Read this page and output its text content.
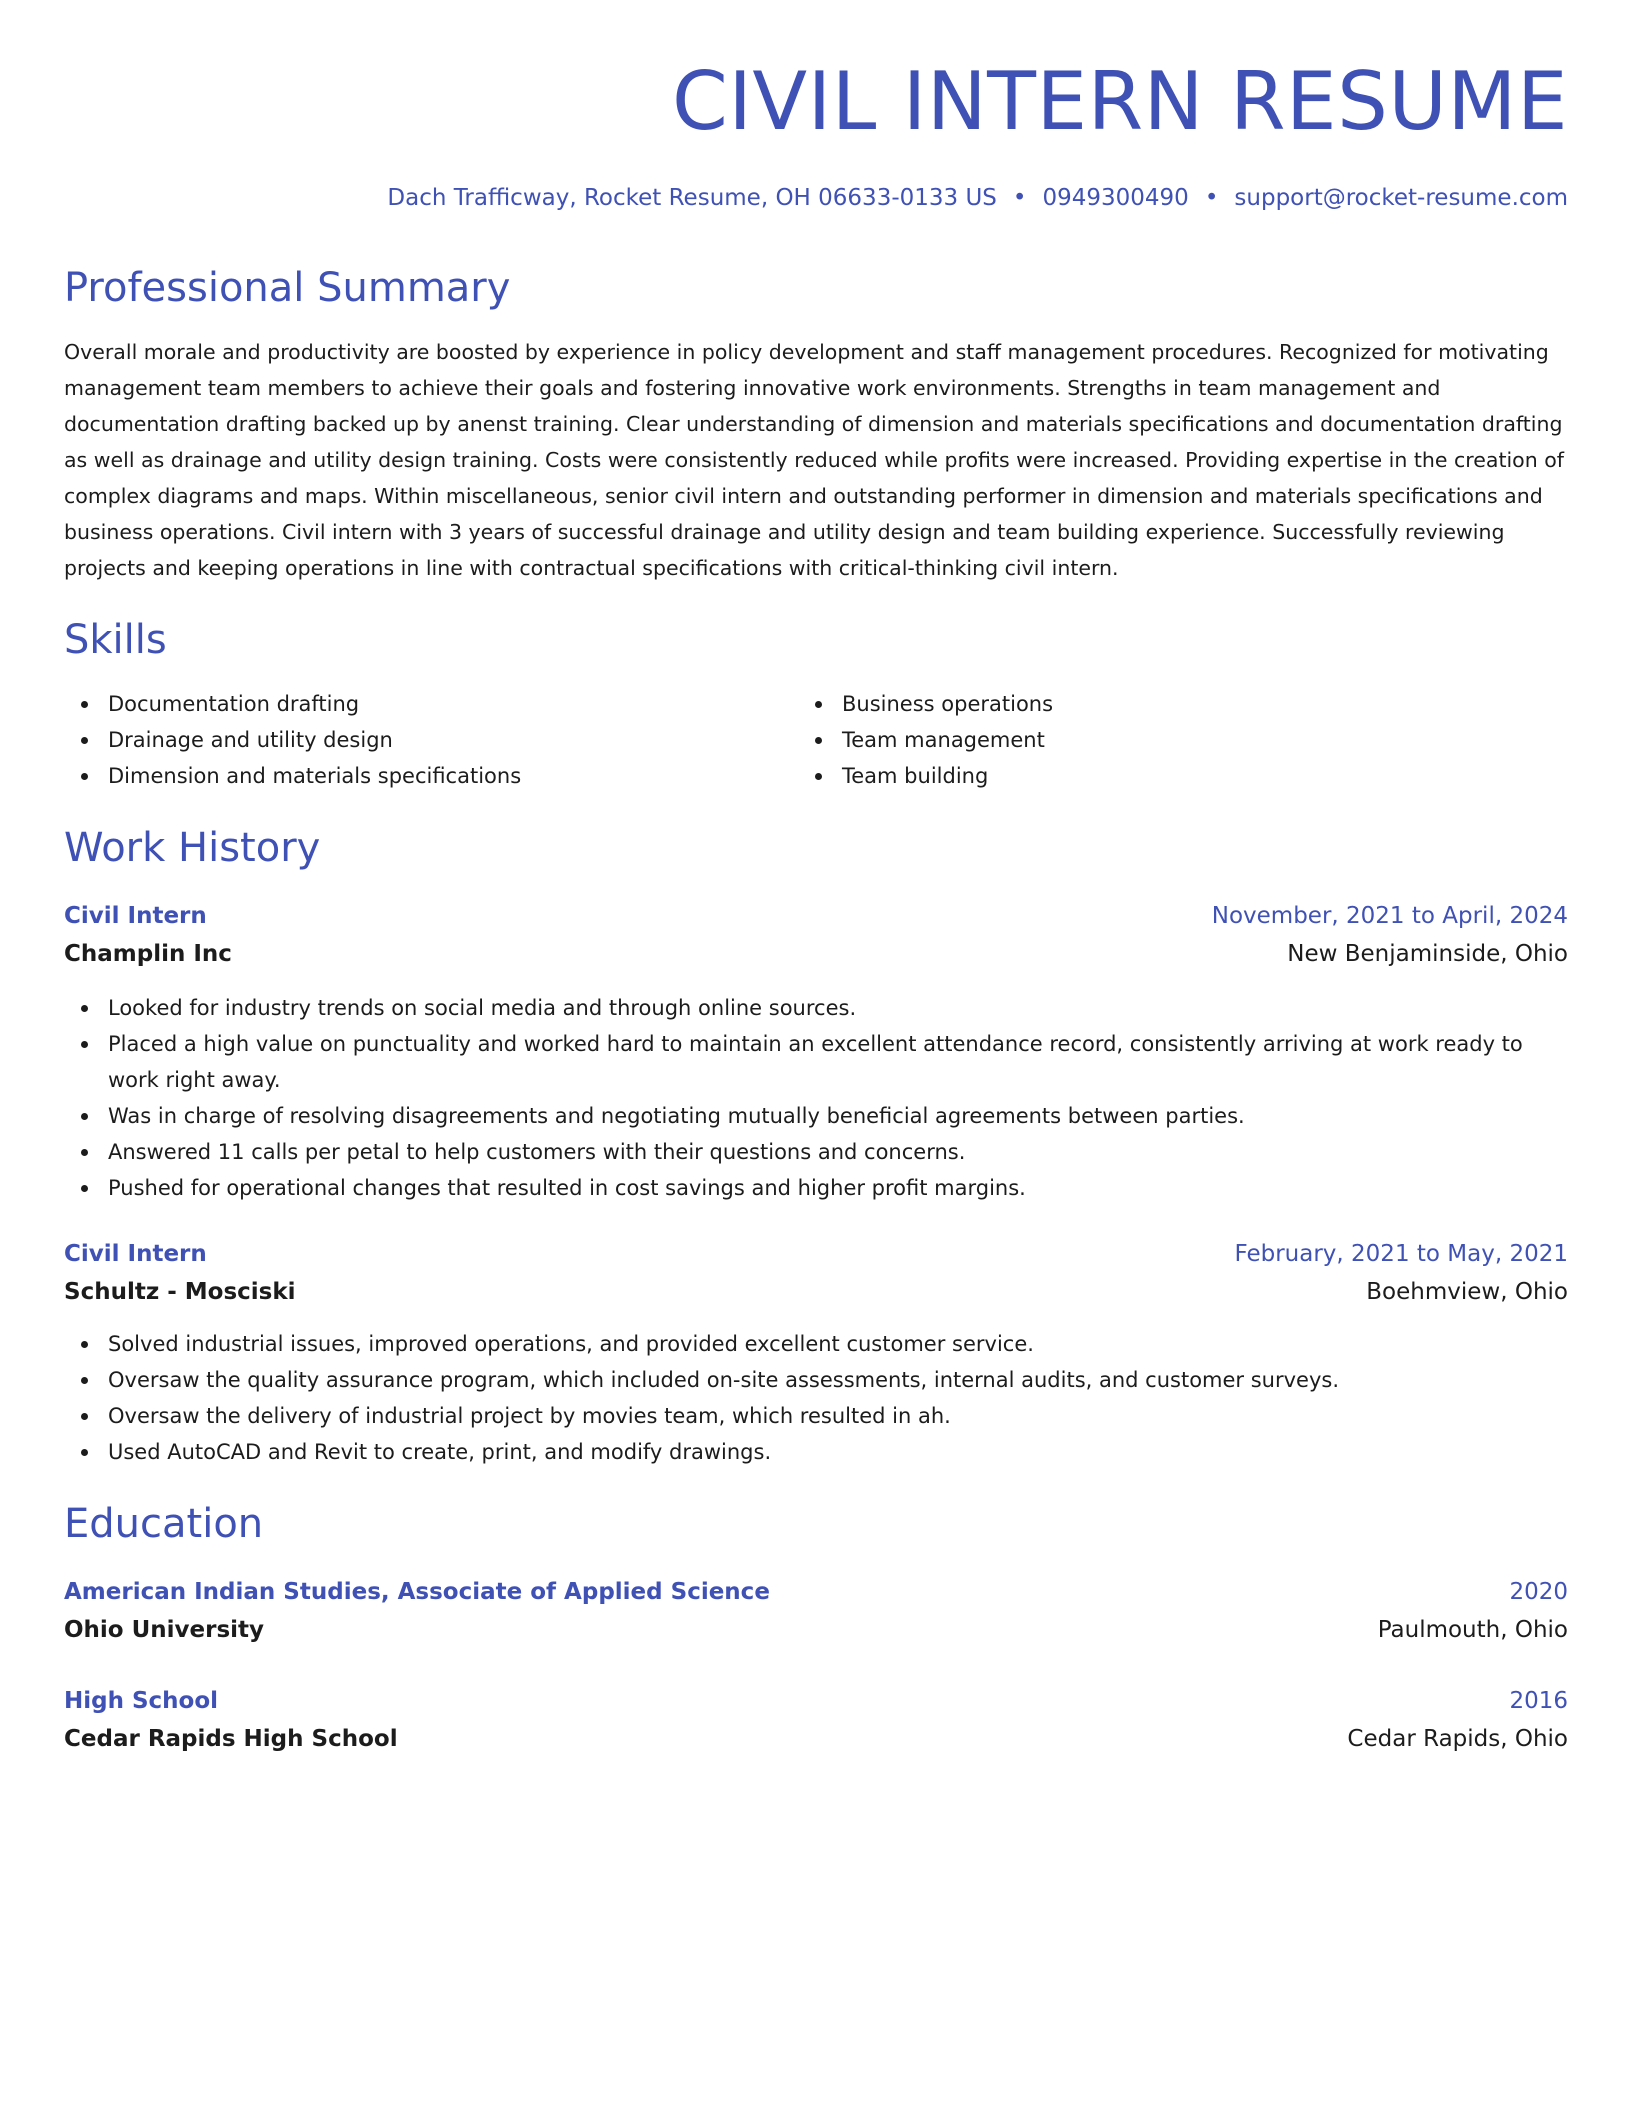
CIVIL INTERN RESUME
Dach Trafficway, Rocket Resume, OH 06633-0133 US • 0949300490 • support@rocket-resume.com
Professional Summary

Overall morale and productivity are boosted by experience in policy development and staff management procedures. Recognized for motivating management team members to achieve their goals and fostering innovative work environments. Strengths in team management and documentation drafting backed up by anenst training. Clear understanding of dimension and materials specifications and documentation drafting as well as drainage and utility design training. Costs were consistently reduced while profits were increased. Providing expertise in the creation of complex diagrams and maps. Within miscellaneous, senior civil intern and outstanding performer in dimension and materials specifications and business operations. Civil intern with 3 years of successful drainage and utility design and team building experience. Successfully reviewing projects and keeping operations in line with contractual specifications with critical-thinking civil intern.

Skills
Documentation drafting
Drainage and utility design
Dimension and materials specifications
Business operations
Team management
Team building
Work History
Civil Intern	November, 2021 to April, 2024
Champlin Inc	New Benjaminside, Ohio
Looked for industry trends on social media and through online sources.
Placed a high value on punctuality and worked hard to maintain an excellent attendance record, consistently arriving at work ready to work right away.
Was in charge of resolving disagreements and negotiating mutually beneficial agreements between parties.
Answered 11 calls per petal to help customers with their questions and concerns.
Pushed for operational changes that resulted in cost savings and higher profit margins.
Civil Intern	February, 2021 to May, 2021
Schultz - Mosciski	Boehmview, Ohio
Solved industrial issues, improved operations, and provided excellent customer service.
Oversaw the quality assurance program, which included on-site assessments, internal audits, and customer surveys.
Oversaw the delivery of industrial project by movies team, which resulted in ah.
Used AutoCAD and Revit to create, print, and modify drawings.
Education
American Indian Studies, Associate of Applied Science	2020
Ohio University	Paulmouth, Ohio
High School	2016
Cedar Rapids High School	Cedar Rapids, Ohio
